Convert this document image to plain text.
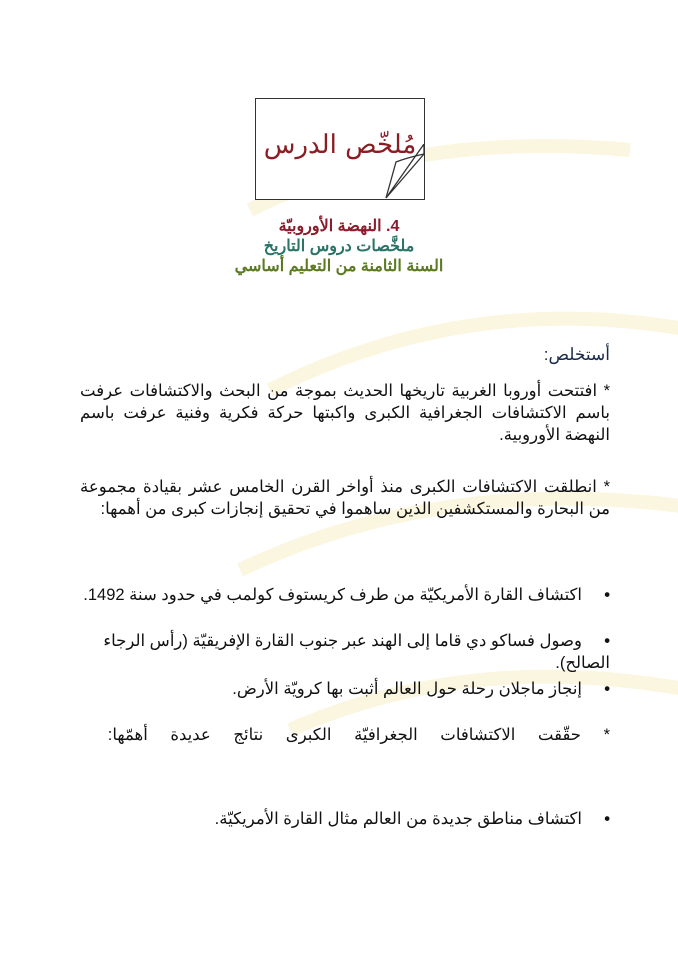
مُلخّص الدرس
4. النهضة الأوروبيّة
ملخَّصات دروس التاريخ
السنة الثامنة من التعليم أساسي
أستخلص:
* افتتحت أوروبا الغربية تاريخها الحديث بموجة من البحث والاكتشافات عرفت باسم الاكتشافات الجغرافية الكبرى واكبتها حركة فكرية وفنية عرفت باسم النهضة الأوروبية.
* انطلقت الاكتشافات الكبرى منذ أواخر القرن الخامس عشر بقيادة مجموعة من البحارة والمستكشفين الذين ساهموا في تحقيق إنجازات كبرى من أهمها:
•اكتشاف القارة الأمريكيّة من طرف كريستوف كولمب في حدود سنة 1492.
•وصول فساكو دي قاما إلى الهند عبر جنوب القارة الإفريقيّة (رأس الرجاء الصالح).
•إنجاز ماجلان رحلة حول العالم أثبت بها كرويّة الأرض.
* حقّقت الاكتشافات الجغرافيّة الكبرى نتائج عديدة أهمّها:
•اكتشاف مناطق جديدة من العالم مثال القارة الأمريكيّة.
